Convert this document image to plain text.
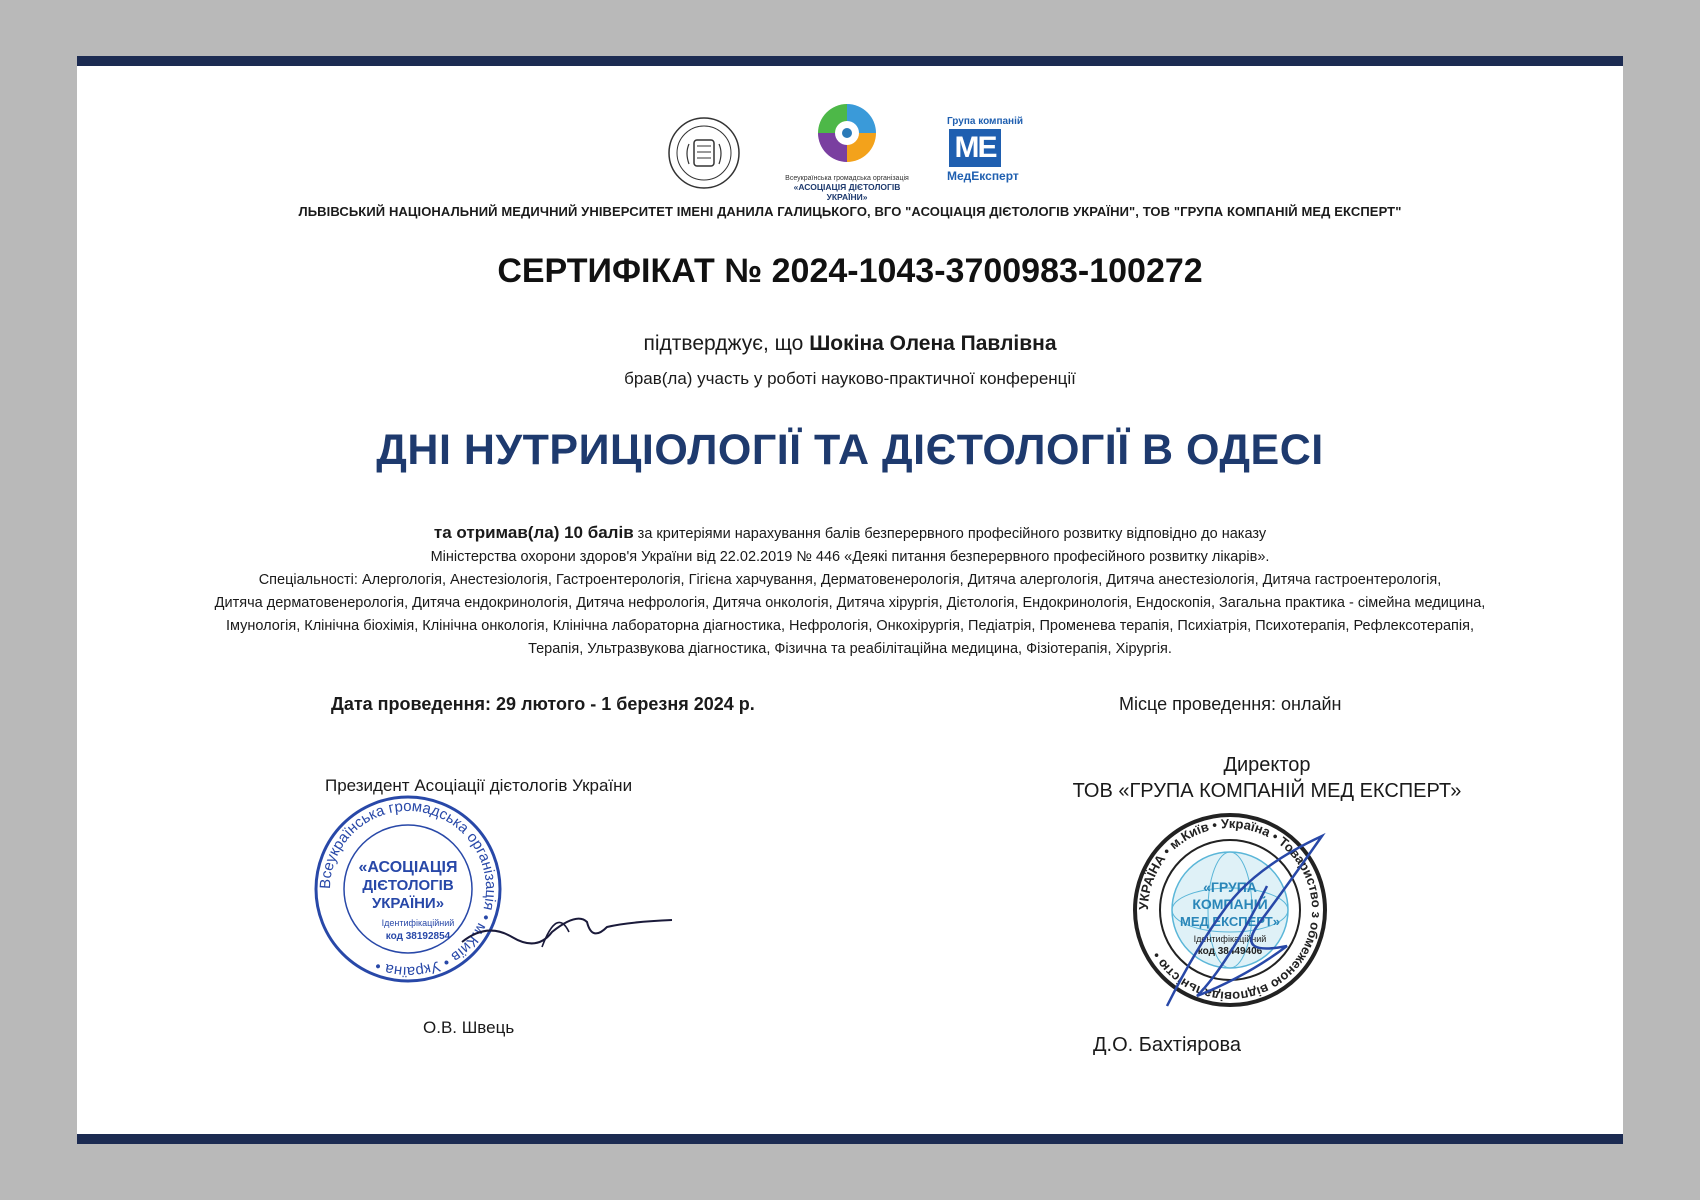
Всеукраїнська громадська організація
«АСОЦІАЦІЯ ДІЄТОЛОГІВ УКРАЇНИ»
Група компаній
МЕ
МедЕксперт
ЛЬВІВСЬКИЙ НАЦІОНАЛЬНИЙ МЕДИЧНИЙ УНІВЕРСИТЕТ ІМЕНІ ДАНИЛА ГАЛИЦЬКОГО, ВГО "АСОЦІАЦІЯ ДІЄТОЛОГІВ УКРАЇНИ", ТОВ "ГРУПА КОМПАНІЙ МЕД ЕКСПЕРТ"
СЕРТИФІКАТ № 2024-1043-3700983-100272
підтверджує, що Шокіна Олена Павлівна
брав(ла) участь у роботі науково-практичної конференції
ДНІ НУТРИЦІОЛОГІЇ ТА ДІЄТОЛОГІЇ В ОДЕСІ
та отримав(ла) 10 балів за критеріями нарахування балів безперервного професійного розвитку відповідно до наказу
Міністерства охорони здоров'я України від 22.02.2019 № 446 «Деякі питання безперервного професійного розвитку лікарів».
Спеціальності: Алергологія, Анестезіологія, Гастроентерологія, Гігієна харчування, Дерматовенерологія, Дитяча алергологія, Дитяча анестезіологія, Дитяча гастроентерологія,
Дитяча дерматовенерологія, Дитяча ендокринологія, Дитяча нефрологія, Дитяча онкологія, Дитяча хірургія, Дієтологія, Ендокринологія, Ендоскопія, Загальна практика - сімейна медицина,
Імунологія, Клінічна біохімія, Клінічна онкологія, Клінічна лабораторна діагностика, Нефрологія, Онкохірургія, Педіатрія, Променева терапія, Психіатрія, Психотерапія, Рефлексотерапія,
Терапія, Ультразвукова діагностика, Фізична та реабілітаційна медицина, Фізіотерапія, Хірургія.
Дата проведення: 29 лютого - 1 березня 2024 р.	Місце проведення: онлайн
Президент Асоціації дієтологів України
Всеукраїнська громадська організація • м.Київ • Україна •
«АСОЦІАЦІЯ
ДІЄТОЛОГІВ
УКРАЇНИ»
Ідентифікаційний
код 38192854
О.В. Швець
Директор
ТОВ «ГРУПА КОМПАНІЙ МЕД ЕКСПЕРТ»
УКРАЇНА • м.Київ • Україна • Товариство з обмеженою відповідальністю •
«ГРУПА
КОМПАНІЙ
МЕД ЕКСПЕРТ»
Ідентифікаційний
код 38449406
Д.О. Бахтіярова
